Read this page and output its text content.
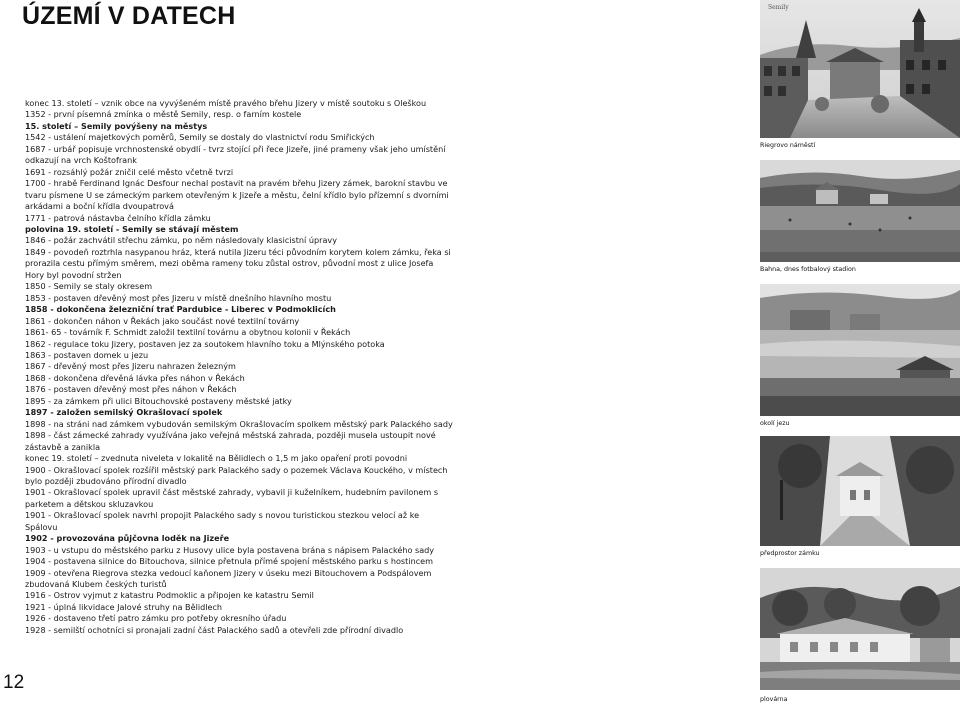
ÚZEMÍ V DATECH

konec 13. století – vznik obce na vyvýšeném místě pravého břehu Jizery v místě soutoku s Oleškou

1352 - první písemná zmínka o městě Semily, resp. o farním kostele

15. století – Semily povýšeny na městys

1542 - ustálení majetkových poměrů, Semily se dostaly do vlastnictví rodu Smiřických

1687 - urbář popisuje vrchnostenské obydlí - tvrz stojící při řece Jizeře, jiné prameny však jeho umístění odkazují na vrch Koštofrank

1691 - rozsáhlý požár zničil celé město včetně tvrzi

1700 - hrabě Ferdinand Ignác Desfour nechal postavit na pravém břehu Jizery zámek, barokní stavbu ve tvaru písmene U se zámeckým parkem otevřeným k Jizeře a městu, čelní křídlo bylo přízemní s dvorními arkádami a boční křídla dvoupatrová

1771 - patrová nástavba čelního křídla zámku

polovina 19. století - Semily se stávají městem

1846 - požár zachvátil střechu zámku, po něm následovaly klasicistní úpravy

1849 - povodeň roztrhla nasypanou hráz, která nutila Jizeru téci původním korytem kolem zámku, řeka si prorazila cestu přímým směrem, mezi oběma rameny toku zůstal ostrov, původní most z ulice Josefa Hory byl povodní stržen

1850 - Semily se staly okresem

1853 - postaven dřevěný most přes Jizeru v místě dnešního hlavního mostu

1858 - dokončena železniční trať Pardubice - Liberec v Podmoklicích

1861 - dokončen náhon v Řekách jako součást nové textilní továrny

1861- 65 - továrník F. Schmidt založil textilní továrnu a obytnou kolonii v Řekách

1862 - regulace toku Jizery, postaven jez za soutokem hlavního toku a Mlýnského potoka

1863 - postaven domek u jezu

1867 - dřevěný most přes Jizeru nahrazen železným

1868 - dokončena dřevěná lávka přes náhon v Řekách

1876 - postaven dřevěný most přes náhon v Řekách

1895 - za zámkem při ulici Bitouchovské postaveny městské jatky

1897 - založen semilský Okrašlovací spolek

1898 - na stráni nad zámkem vybudován semilským Okrašlovacím spolkem městský park Palackého sady

1898 - část zámecké zahrady využívána jako veřejná městská zahrada, později musela ustoupit nové zástavbě a zanikla

konec 19. století – zvednuta niveleta v lokalitě na Bělidlech o 1,5 m jako opaření proti povodni

1900 - Okrašlovací spolek rozšířil městský park Palackého sady o pozemek Václava Kouckého, v místech bylo později zbudováno přírodní divadlo

1901 - Okrašlovací spolek upravil část městské zahrady, vybavil ji kuželníkem, hudebním pavilonem s parketem a dětskou skluzavkou

1901 - Okrašlovací spolek navrhl propojit Palackého sady s novou turistickou stezkou velocí až ke Spálovu

1902 - provozována půjčovna loděk na Jizeře

1903 - u vstupu do městského parku z Husovy ulice byla postavena brána s nápisem Palackého sady

1904 - postavena silnice do Bitouchova, silnice přetnula přímé spojení městského parku s hostincem

1909 - otevřena Riegrova stezka vedoucí kaňonem Jizery v úseku mezi Bitouchovem a Podspálovem zbudovaná Klubem českých turistů

1916 - Ostrov vyjmut z katastru Podmoklic a připojen ke katastru Semil

1921 - úplná likvidace Jalové struhy na Bělidlech

1926 - dostaveno třetí patro zámku pro potřeby okresního úřadu

1928 - semilští ochotníci si pronajali zadní část Palackého sadů a otevřeli zde přírodní divadlo

12
Semily
Riegrovo náměstí
Bahna, dnes fotbalový stadion
okolí jezu
předprostor zámku
plovárna
